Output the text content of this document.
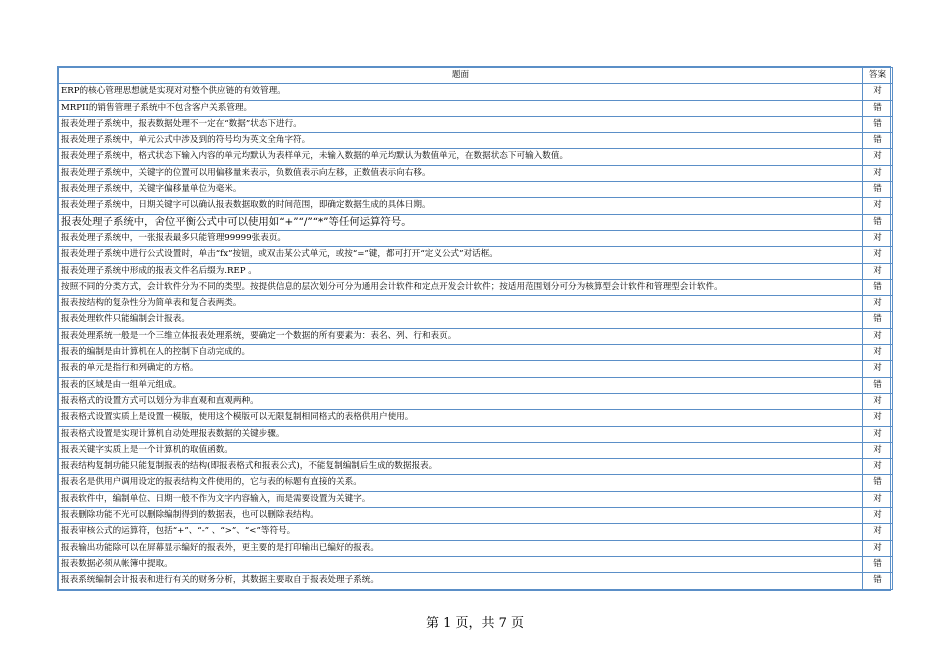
题面	答案
ERP的核心管理思想就是实现对对整个供应链的有效管理。	对
MRPII的销售管理子系统中不包含客户关系管理。	错
报表处理子系统中，报表数据处理不一定在“数据”状态下进行。	错
报表处理子系统中，单元公式中涉及到的符号均为英文全角字符。	错
报表处理子系统中，格式状态下输入内容的单元均默认为表样单元，未输入数据的单元均默认为数值单元，在数据状态下可输入数值。	对
报表处理子系统中，关键字的位置可以用偏移量来表示，负数值表示向左移，正数值表示向右移。	对
报表处理子系统中，关键字偏移量单位为毫米。	错
报表处理子系统中，日期关键字可以确认报表数据取数的时间范围，即确定数据生成的具体日期。	对
报表处理子系统中，舍位平衡公式中可以使用如“+”“/”“*”等任何运算符号。	错
报表处理子系统中，一张报表最多只能管理99999张表页。	对
报表处理子系统中进行公式设置时，单击“fx”按钮，或双击某公式单元，或按“=”键，都可打开“定义公式”对话框。	对
报表处理子系统中形成的报表文件名后缀为.REP 。	对
按照不同的分类方式，会计软件分为不同的类型。按提供信息的层次划分可分为通用会计软件和定点开发会计软件；按适用范围划分可分为核算型会计软件和管理型会计软件。	错
报表按结构的复杂性分为简单表和复合表两类。	对
报表处理软件只能编制会计报表。	错
报表处理系统一般是一个三维立体报表处理系统，要确定一个数据的所有要素为：表名、列、行和表页。	对
报表的编制是由计算机在人的控制下自动完成的。	对
报表的单元是指行和列确定的方格。	对
报表的区域是由一组单元组成。	错
报表格式的设置方式可以划分为非直观和直观两种。	对
报表格式设置实质上是设置一模版，使用这个模版可以无限复制相同格式的表格供用户使用。	对
报表格式设置是实现计算机自动处理报表数据的关键步骤。	对
报表关键字实质上是一个计算机的取值函数。	对
报表结构复制功能只能复制报表的结构(即报表格式和报表公式)，不能复制编制后生成的数据报表。	对
报表名是供用户调用设定的报表结构文件使用的，它与表的标题有直接的关系。	错
报表软件中，编制单位、日期一般不作为文字内容输入，而是需要设置为关键字。	对
报表删除功能不光可以删除编制得到的数据表，也可以删除表结构。	对
报表审核公式的运算符，包括“+”、“-” 、“>”、“<”等符号。	对
报表输出功能除可以在屏幕显示编好的报表外，更主要的是打印输出已编好的报表。	对
报表数据必须从帐簿中提取。	错
报表系统编制会计报表和进行有关的财务分析，其数据主要取自于报表处理子系统。	错
第 1 页，共 7 页
